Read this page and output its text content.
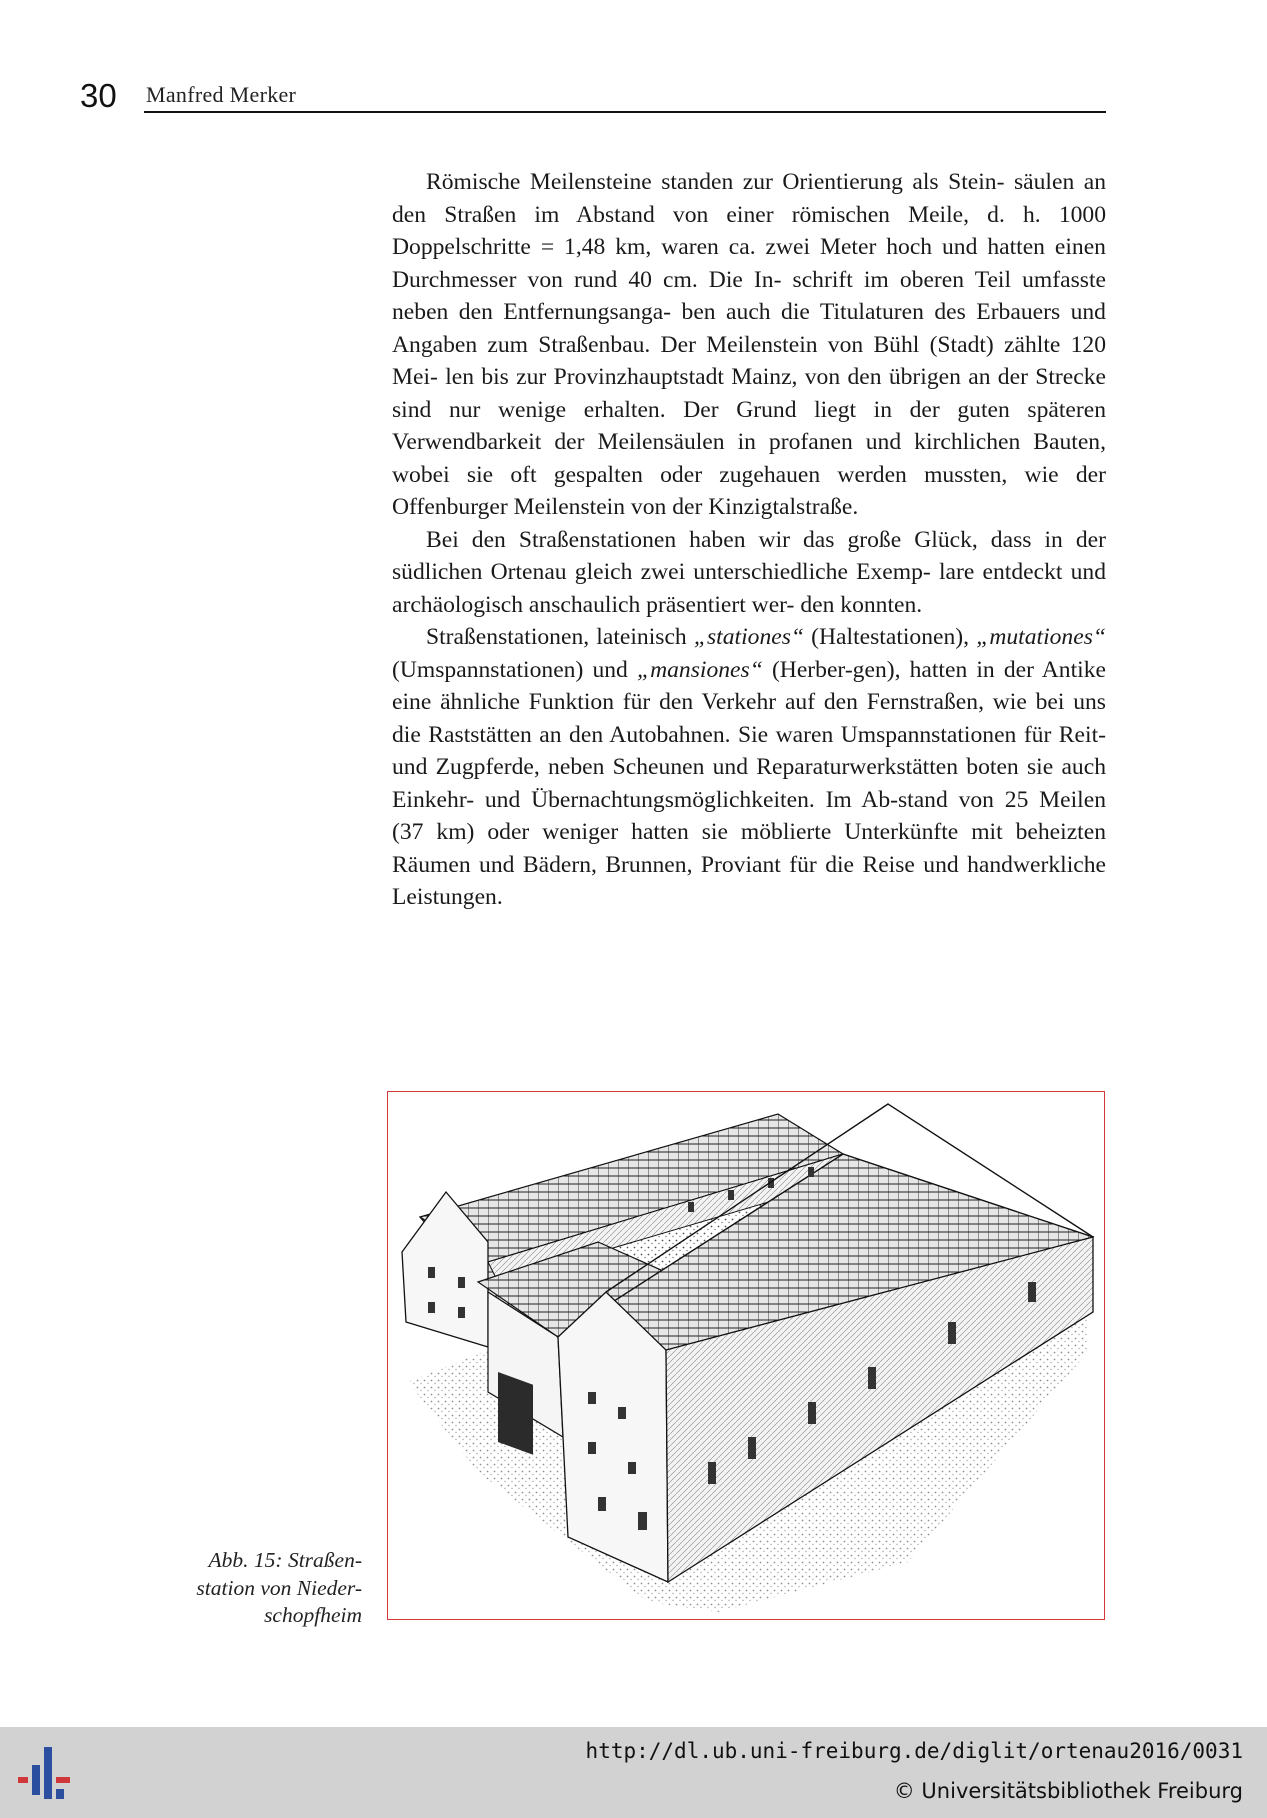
30 Manfred Merker

Römische Meilensteine standen zur Orientierung als Stein- säulen an den Straßen im Abstand von einer römischen Meile, d. h. 1000 Doppelschritte = 1,48 km, waren ca. zwei Meter hoch und hatten einen Durchmesser von rund 40 cm. Die In- schrift im oberen Teil umfasste neben den Entfernungsanga- ben auch die Titulaturen des Erbauers und Angaben zum Straßenbau. Der Meilenstein von Bühl (Stadt) zählte 120 Mei- len bis zur Provinzhauptstadt Mainz, von den übrigen an der Strecke sind nur wenige erhalten. Der Grund liegt in der guten späteren Verwendbarkeit der Meilensäulen in profanen und kirchlichen Bauten, wobei sie oft gespalten oder zugehauen werden mussten, wie der Offenburger Meilenstein von der Kinzigtalstraße.

Bei den Straßenstationen haben wir das große Glück, dass in der südlichen Ortenau gleich zwei unterschiedliche Exemp- lare entdeckt und archäologisch anschaulich präsentiert wer- den konnten.

Straßenstationen, lateinisch „stationes“ (Haltestationen), „mutationes“ (Umspannstationen) und „mansiones“ (Herber-gen), hatten in der Antike eine ähnliche Funktion für den Verkehr auf den Fernstraßen, wie bei uns die Raststätten an den Autobahnen. Sie waren Umspannstationen für Reit- und Zugpferde, neben Scheunen und Reparaturwerkstätten boten sie auch Einkehr- und Übernachtungsmöglichkeiten. Im Ab-stand von 25 Meilen (37 km) oder weniger hatten sie möblierte Unterkünfte mit beheizten Räumen und Bädern, Brunnen, Proviant für die Reise und handwerkliche Leistungen.

Abb. 15: Straßen-
station von Nieder-
schopfheim
http://dl.ub.uni-freiburg.de/diglit/ortenau2016/0031
© Universitätsbibliothek Freiburg
